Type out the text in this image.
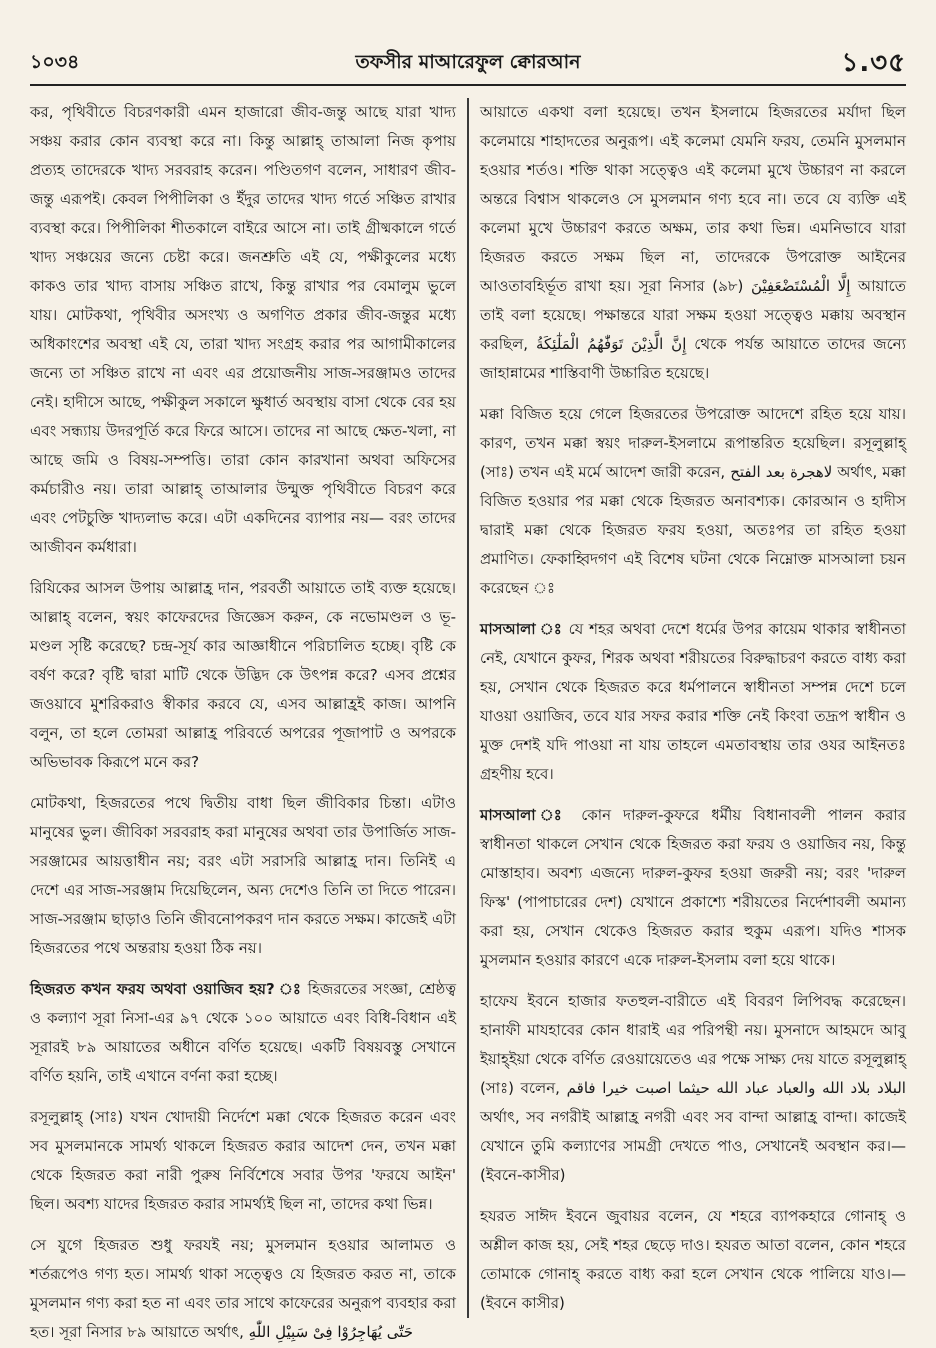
১০৩৪	তফসীর মাআরেফুল ক্বোরআন	১.৩৫

কর, পৃথিবীতে বিচরণকারী এমন হাজারো জীব-জন্তু আছে যারা খাদ্য সঞ্চয় করার কোন ব্যবস্থা করে না। কিন্তু আল্লাহ্ তাআলা নিজ কৃপায় প্রত্যহ তাদেরকে খাদ্য সরবরাহ করেন। পণ্ডিতগণ বলেন, সাধারণ জীব-জন্তু এরূপই। কেবল পিপীলিকা ও ইঁদুর তাদের খাদ্য গর্তে সঞ্চিত রাখার ব্যবস্থা করে। পিপীলিকা শীতকালে বাইরে আসে না। তাই গ্রীষ্মকালে গর্তে খাদ্য সঞ্চয়ের জন্যে চেষ্টা করে। জনশ্রুতি এই যে, পক্ষীকুলের মধ্যে কাকও তার খাদ্য বাসায় সঞ্চিত রাখে, কিন্তু রাখার পর বেমালুম ভুলে যায়। মোটকথা, পৃথিবীর অসংখ্য ও অগণিত প্রকার জীব-জন্তুর মধ্যে অধিকাংশের অবস্থা এই যে, তারা খাদ্য সংগ্রহ করার পর আগামীকালের জন্যে তা সঞ্চিত রাখে না এবং এর প্রয়োজনীয় সাজ-সরঞ্জামও তাদের নেই। হাদীসে আছে, পক্ষীকুল সকালে ক্ষুধার্ত অবস্থায় বাসা থেকে বের হয় এবং সন্ধ্যায় উদরপূর্তি করে ফিরে আসে। তাদের না আছে ক্ষেত-খলা, না আছে জমি ও বিষয়-সম্পত্তি। তারা কোন কারখানা অথবা অফিসের কর্মচারীও নয়। তারা আল্লাহ্ তাআলার উন্মুক্ত পৃথিবীতে বিচরণ করে এবং পেটচুক্তি খাদ্যলাভ করে। এটা একদিনের ব্যাপার নয়— বরং তাদের আজীবন কর্মধারা।

রিযিকের আসল উপায় আল্লাহ্র দান, পরবর্তী আয়াতে তাই ব্যক্ত হয়েছে। আল্লাহ্ বলেন, স্বয়ং কাফেরদের জিজ্ঞেস করুন, কে নভোমণ্ডল ও ভূ-মণ্ডল সৃষ্টি করেছে? চন্দ্র-সূর্য কার আজ্ঞাধীনে পরিচালিত হচ্ছে। বৃষ্টি কে বর্ষণ করে? বৃষ্টি দ্বারা মাটি থেকে উদ্ভিদ কে উৎপন্ন করে? এসব প্রশ্নের জওয়াবে মুশরিকরাও স্বীকার করবে যে, এসব আল্লাহ্রই কাজ। আপনি বলুন, তা হলে তোমরা আল্লাহ্র পরিবর্তে অপরের পূজাপাট ও অপরকে অভিভাবক কিরূপে মনে কর?

মোটকথা, হিজরতের পথে দ্বিতীয় বাধা ছিল জীবিকার চিন্তা। এটাও মানুষের ভুল। জীবিকা সরবরাহ করা মানুষের অথবা তার উপার্জিত সাজ-সরঞ্জামের আয়ত্তাধীন নয়; বরং এটা সরাসরি আল্লাহ্র দান। তিনিই এ দেশে এর সাজ-সরঞ্জাম দিয়েছিলেন, অন্য দেশেও তিনি তা দিতে পারেন। সাজ-সরঞ্জাম ছাড়াও তিনি জীবনোপকরণ দান করতে সক্ষম। কাজেই এটা হিজরতের পথে অন্তরায় হওয়া ঠিক নয়।

হিজরত কখন ফরয অথবা ওয়াজিব হয়? ঃ হিজরতের সংজ্ঞা, শ্রেষ্ঠত্ব ও কল্যাণ সূরা নিসা-এর ৯৭ থেকে ১০০ আয়াতে এবং বিধি-বিধান এই সূরারই ৮৯ আয়াতের অধীনে বর্ণিত হয়েছে। একটি বিষয়বস্তু সেখানে বর্ণিত হয়নি, তাই এখানে বর্ণনা করা হচ্ছে।

রসূলুল্লাহ্ (সাঃ) যখন খোদায়ী নির্দেশে মক্কা থেকে হিজরত করেন এবং সব মুসলমানকে সামর্থ্য থাকলে হিজরত করার আদেশ দেন, তখন মক্কা থেকে হিজরত করা নারী পুরুষ নির্বিশেষে সবার উপর 'ফরযে আইন' ছিল। অবশ্য যাদের হিজরত করার সামর্থ্যই ছিল না, তাদের কথা ভিন্ন।

সে যুগে হিজরত শুধু ফরযই নয়; মুসলমান হওয়ার আলামত ও শর্তরূপেও গণ্য হত। সামর্থ্য থাকা সত্ত্বেও যে হিজরত করত না, তাকে মুসলমান গণ্য করা হত না এবং তার সাথে কাফেরের অনুরূপ ব্যবহার করা হত। সূরা নিসার ৮৯ আয়াতে অর্থাৎ, حَتّٰى يُهَاجِرُوْا فِىْ سَبِيْلِ اللّٰهِ

আয়াতে একথা বলা হয়েছে। তখন ইসলামে হিজরতের মর্যাদা ছিল কলেমায়ে শাহাদতের অনুরূপ। এই কলেমা যেমনি ফরয, তেমনি মুসলমান হওয়ার শর্তও। শক্তি থাকা সত্ত্বেও এই কলেমা মুখে উচ্চারণ না করলে অন্তরে বিশ্বাস থাকলেও সে মুসলমান গণ্য হবে না। তবে যে ব্যক্তি এই কলেমা মুখে উচ্চারণ করতে অক্ষম, তার কথা ভিন্ন। এমনিভাবে যারা হিজরত করতে সক্ষম ছিল না, তাদেরকে উপরোক্ত আইনের আওতাবহির্ভূত রাখা হয়। সূরা নিসার (৯৮) إِلَّا الْمُسْتَضْعَفِيْنَ আয়াতে তাই বলা হয়েছে। পক্ষান্তরে যারা সক্ষম হওয়া সত্ত্বেও মক্কায় অবস্থান করছিল, إِنَّ الَّذِيْنَ تَوَفّٰهُمُ الْمَلٰٓئِكَةُ থেকে পর্যন্ত আয়াতে তাদের জন্যে জাহান্নামের শাস্তিবাণী উচ্চারিত হয়েছে।

মক্কা বিজিত হয়ে গেলে হিজরতের উপরোক্ত আদেশে রহিত হয়ে যায়। কারণ, তখন মক্কা স্বয়ং দারুল-ইসলামে রূপান্তরিত হয়েছিল। রসূলুল্লাহ্ (সাঃ) তখন এই মর্মে আদেশ জারী করেন, لاهجرة بعد الفتح অর্থাৎ, মক্কা বিজিত হওয়ার পর মক্কা থেকে হিজরত অনাবশ্যক। কোরআন ও হাদীস দ্বারাই মক্কা থেকে হিজরত ফরয হওয়া, অতঃপর তা রহিত হওয়া প্রমাণিত। ফেকাহ্বিদগণ এই বিশেষ ঘটনা থেকে নিম্নোক্ত মাসআলা চয়ন করেছেন ঃ

মাসআলা ঃ যে শহর অথবা দেশে ধর্মের উপর কায়েম থাকার স্বাধীনতা নেই, যেখানে কুফর, শিরক অথবা শরীয়তের বিরুদ্ধাচরণ করতে বাধ্য করা হয়, সেখান থেকে হিজরত করে ধর্মপালনে স্বাধীনতা সম্পন্ন দেশে চলে যাওয়া ওয়াজিব, তবে যার সফর করার শক্তি নেই কিংবা তদ্রূপ স্বাধীন ও মুক্ত দেশই যদি পাওয়া না যায় তাহলে এমতাবস্থায় তার ওযর আইনতঃ গ্রহণীয় হবে।

মাসআলা ঃ কোন দারুল-কুফরে ধর্মীয় বিধানাবলী পালন করার স্বাধীনতা থাকলে সেখান থেকে হিজরত করা ফরয ও ওয়াজিব নয়, কিন্তু মোস্তাহাব। অবশ্য এজন্যে দারুল-কুফর হওয়া জরুরী নয়; বরং 'দারুল ফিস্ক' (পাপাচারের দেশ) যেখানে প্রকাশ্যে শরীয়তের নির্দেশাবলী অমান্য করা হয়, সেখান থেকেও হিজরত করার হুকুম এরূপ। যদিও শাসক মুসলমান হওয়ার কারণে একে দারুল-ইসলাম বলা হয়ে থাকে।

হাফেয ইবনে হাজার ফতহুল-বারীতে এই বিবরণ লিপিবদ্ধ করেছেন। হানাফী মাযহাবের কোন ধারাই এর পরিপন্থী নয়। মুসনাদে আহমদে আবু ইয়াহ্ইয়া থেকে বর্ণিত রেওয়ায়েতেও এর পক্ষে সাক্ষ্য দেয় যাতে রসূলুল্লাহ্ (সাঃ) বলেন, البلاد بلاد الله والعباد عباد الله حيثما اصبت خيرا فاقم অর্থাৎ, সব নগরীই আল্লাহ্র নগরী এবং সব বান্দা আল্লাহ্র বান্দা। কাজেই যেখানে তুমি কল্যাণের সামগ্রী দেখতে পাও, সেখানেই অবস্থান কর।—(ইবনে-কাসীর)

হযরত সাঈদ ইবনে জুবায়র বলেন, যে শহরে ব্যাপকহারে গোনাহ্ ও অশ্লীল কাজ হয়, সেই শহর ছেড়ে দাও। হযরত আতা বলেন, কোন শহরে তোমাকে গোনাহ্ করতে বাধ্য করা হলে সেখান থেকে পালিয়ে যাও।—(ইবনে কাসীর)
